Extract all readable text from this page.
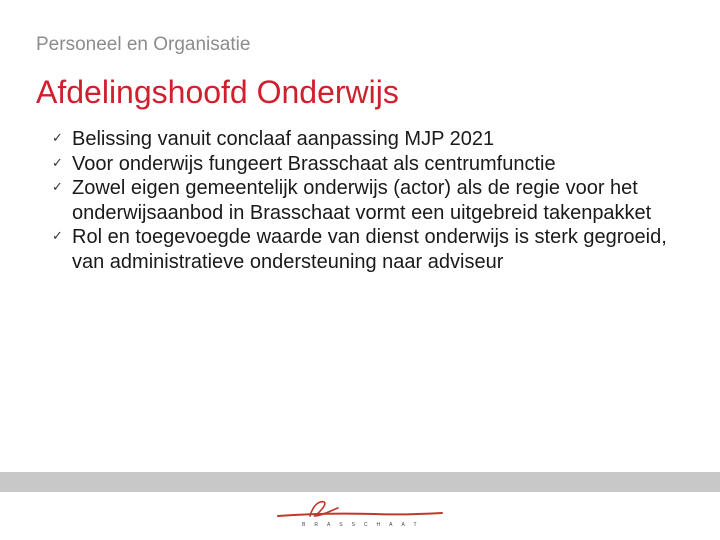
Personeel en Organisatie
Afdelingshoofd Onderwijs
✓ Belissing vanuit conclaaf aanpassing MJP 2021
✓ Voor onderwijs fungeert Brasschaat als centrumfunctie
✓ Zowel eigen gemeentelijk onderwijs (actor) als de regie voor het onderwijsaanbod in Brasschaat vormt een uitgebreid takenpakket
✓ Rol en toegevoegde waarde van dienst onderwijs is sterk gegroeid, van administratieve ondersteuning naar adviseur
BRASSCHAAT
